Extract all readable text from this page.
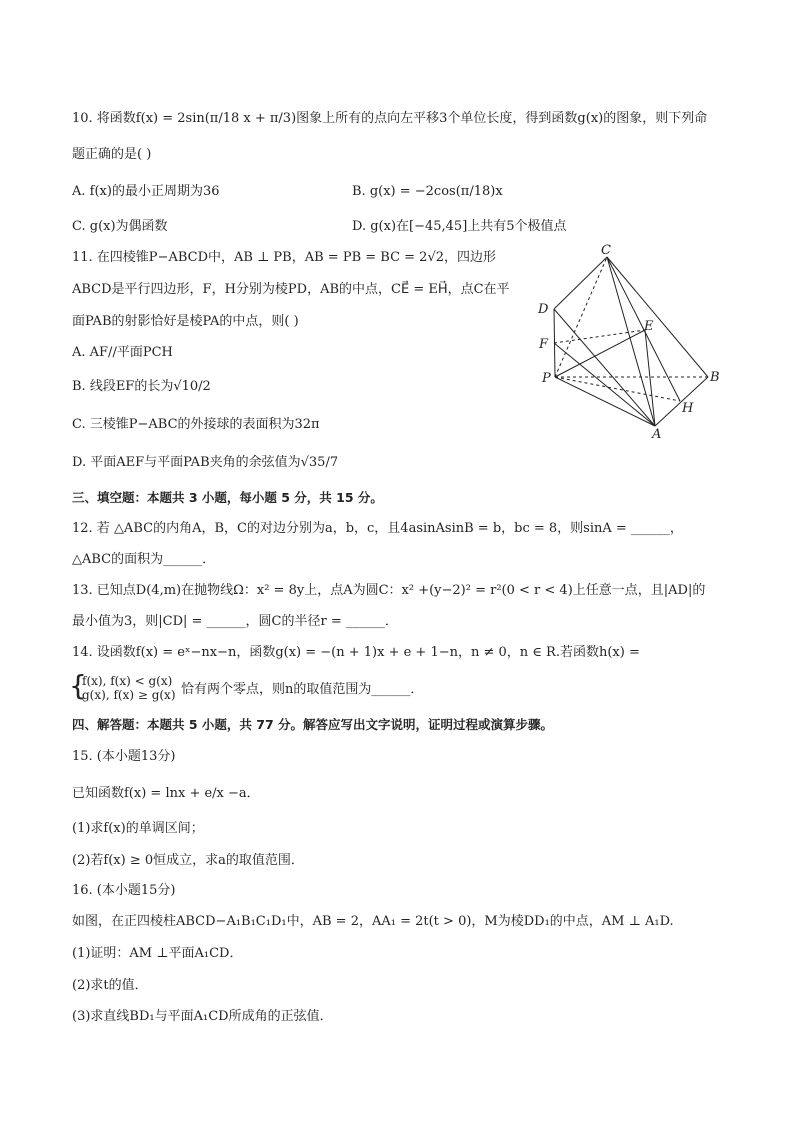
10. 将函数f(x) = 2sin(π/18 x + π/3)图象上所有的点向左平移3个单位长度，得到函数g(x)的图象，则下列命
题正确的是( )
A. f(x)的最小正周期为36	B. g(x) = −2cos(π/18)x
C. g(x)为偶函数	D. g(x)在[−45,45]上共有5个极值点
11. 在四棱锥P−ABCD中，AB ⊥ PB，AB = PB = BC = 2√2，四边形
ABCD是平行四边形，F，H分别为棱PD，AB的中点，CE⃗ = EH⃗，点C在平
面PAB的射影恰好是棱PA的中点，则( )
A. AF//平面PCH
B. 线段EF的长为√10/2
C. 三棱锥P−ABC的外接球的表面积为32π
D. 平面AEF与平面PAB夹角的余弦值为√35/7
C
D
E
F
P	B
H
A
三、填空题：本题共 3 小题，每小题 5 分，共 15 分。
12. 若 △ABC的内角A，B，C的对边分别为a，b，c，且4asinAsinB = b，bc = 8，则sinA = ______，
△ABC的面积为______．
13. 已知点D(4,m)在抛物线Ω：x² = 8y上，点A为圆C：x² +(y−2)² = r²(0 < r < 4)上任意一点，且|AD|的
最小值为3，则|CD| = ______，圆C的半径r = ______．
14. 设函数f(x) = eˣ−nx−n，函数g(x) = −(n + 1)x + e + 1−n，n ≠ 0，n ∈ R.若函数h(x) =
{
f(x), f(x) < g(x)
g(x), f(x) ≥ g(x) 恰有两个零点，则n的取值范围为______．
四、解答题：本题共 5 小题，共 77 分。解答应写出文字说明，证明过程或演算步骤。
15. (本小题13分)
已知函数f(x) = lnx + e/x −a．
(1)求f(x)的单调区间；
(2)若f(x) ≥ 0恒成立，求a的取值范围．
16. (本小题15分)
如图，在正四棱柱ABCD−A₁B₁C₁D₁中，AB = 2，AA₁ = 2t(t > 0)，M为棱DD₁的中点，AM ⊥ A₁D.
(1)证明：AM ⊥平面A₁CD．
(2)求t的值．
(3)求直线BD₁与平面A₁CD所成角的正弦值．
